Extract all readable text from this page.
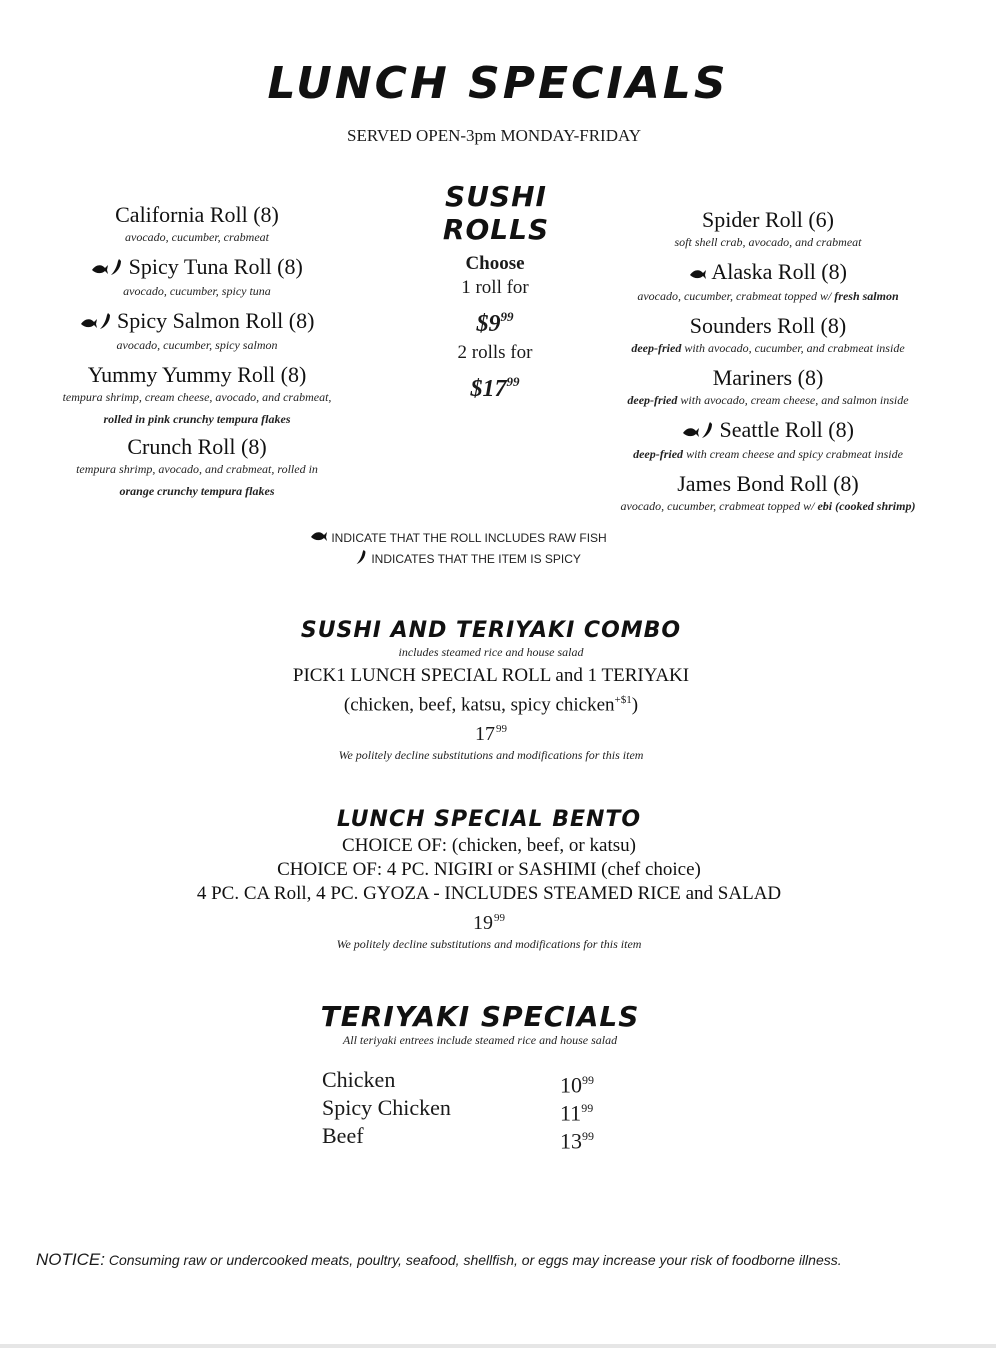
LUNCH SPECIALS
SERVED OPEN-3pm MONDAY-FRIDAY
SUSHI ROLLS
California Roll (8)
avocado, cucumber, crabmeat
Spicy Tuna Roll (8)
avocado, cucumber, spicy tuna
Spicy Salmon Roll (8)
avocado, cucumber, spicy salmon
Yummy Yummy Roll (8)
tempura shrimp, cream cheese, avocado, and crabmeat,
rolled in pink crunchy tempura flakes
Crunch Roll (8)
tempura shrimp, avocado, and crabmeat, rolled in
orange crunchy tempura flakes
Choose
1 roll for
$\$9^{99}$
2 rolls for
$\$17^{99}$
Spider Roll (6)
soft shell crab, avocado, and crabmeat
Alaska Roll (8)
avocado, cucumber, crabmeat topped w/ fresh salmon
Sounders Roll (8)
deep-fried with avocado, cucumber, and crabmeat inside
Mariners (8)
deep-fried with avocado, cream cheese, and salmon inside
Seattle Roll (8)
deep-fried with cream cheese and spicy crabmeat inside
James Bond Roll (8)
avocado, cucumber, crabmeat topped w/ ebi (cooked shrimp)
INDICATE THAT THE ROLL INCLUDES RAW FISH
INDICATES THAT THE ITEM IS SPICY
SUSHI AND TERIYAKI COMBO
includes steamed rice and house salad
PICK1 LUNCH SPECIAL ROLL and 1 TERIYAKI
(chicken, beef, katsu, spicy chicken$^{+\$1}$)
$17^{99}$
We politely decline substitutions and modifications for this item
LUNCH SPECIAL BENTO
CHOICE OF: (chicken, beef, or katsu)
CHOICE OF: 4 PC. NIGIRI or SASHIMI (chef choice)
4 PC. CA Roll, 4 PC. GYOZA - INCLUDES STEAMED RICE and SALAD
$19^{99}$
We politely decline substitutions and modifications for this item
TERIYAKI SPECIALS
All teriyaki entrees include steamed rice and house salad
Chicken	$10^{99}$
Spicy Chicken	$11^{99}$
Beef	$13^{99}$
NOTICE: Consuming raw or undercooked meats, poultry, seafood, shellfish, or eggs may increase your risk of foodborne illness.
